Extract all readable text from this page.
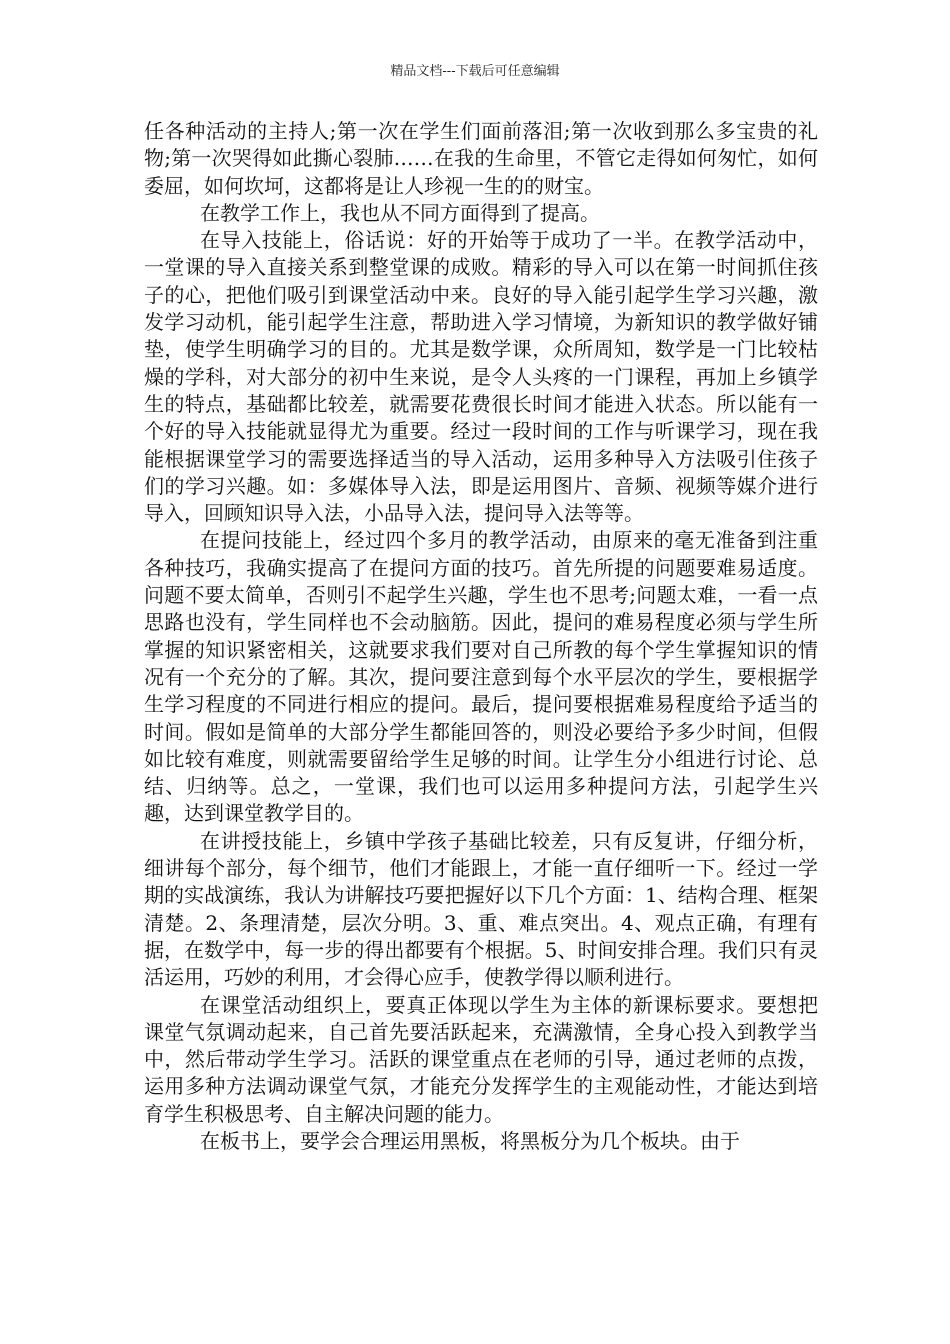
精品文档---下载后可任意编辑

任各种活动的主持人;第一次在学生们面前落泪;第一次收到那么多宝贵的礼物;第一次哭得如此撕心裂肺……在我的生命里，不管它走得如何匆忙，如何委屈，如何坎坷，这都将是让人珍视一生的的财宝。

在教学工作上，我也从不同方面得到了提高。

在导入技能上，俗话说：好的开始等于成功了一半。在教学活动中，一堂课的导入直接关系到整堂课的成败。精彩的导入可以在第一时间抓住孩子的心，把他们吸引到课堂活动中来。良好的导入能引起学生学习兴趣，激发学习动机，能引起学生注意，帮助进入学习情境，为新知识的教学做好铺垫，使学生明确学习的目的。尤其是数学课，众所周知，数学是一门比较枯燥的学科，对大部分的初中生来说，是令人头疼的一门课程，再加上乡镇学生的特点，基础都比较差，就需要花费很长时间才能进入状态。所以能有一个好的导入技能就显得尤为重要。经过一段时间的工作与听课学习，现在我能根据课堂学习的需要选择适当的导入活动，运用多种导入方法吸引住孩子们的学习兴趣。如：多媒体导入法，即是运用图片、音频、视频等媒介进行导入，回顾知识导入法，小品导入法，提问导入法等等。

在提问技能上，经过四个多月的教学活动，由原来的毫无准备到注重各种技巧，我确实提高了在提问方面的技巧。首先所提的问题要难易适度。问题不要太简单，否则引不起学生兴趣，学生也不思考;问题太难，一看一点思路也没有，学生同样也不会动脑筋。因此，提问的难易程度必须与学生所掌握的知识紧密相关，这就要求我们要对自己所教的每个学生掌握知识的情况有一个充分的了解。其次，提问要注意到每个水平层次的学生，要根据学生学习程度的不同进行相应的提问。最后，提问要根据难易程度给予适当的时间。假如是简单的大部分学生都能回答的，则没必要给予多少时间，但假如比较有难度，则就需要留给学生足够的时间。让学生分小组进行讨论、总结、归纳等。总之，一堂课，我们也可以运用多种提问方法，引起学生兴趣，达到课堂教学目的。

在讲授技能上，乡镇中学孩子基础比较差，只有反复讲，仔细分析，细讲每个部分，每个细节，他们才能跟上，才能一直仔细听一下。经过一学期的实战演练，我认为讲解技巧要把握好以下几个方面：1、结构合理、框架清楚。2、条理清楚，层次分明。3、重、难点突出。4、观点正确，有理有据，在数学中，每一步的得出都要有个根据。5、时间安排合理。我们只有灵活运用，巧妙的利用，才会得心应手，使教学得以顺利进行。

在课堂活动组织上，要真正体现以学生为主体的新课标要求。要想把课堂气氛调动起来，自己首先要活跃起来，充满激情，全身心投入到教学当中，然后带动学生学习。活跃的课堂重点在老师的引导，通过老师的点拨，运用多种方法调动课堂气氛，才能充分发挥学生的主观能动性，才能达到培育学生积极思考、自主解决问题的能力。

在板书上，要学会合理运用黑板，将黑板分为几个板块。由于
